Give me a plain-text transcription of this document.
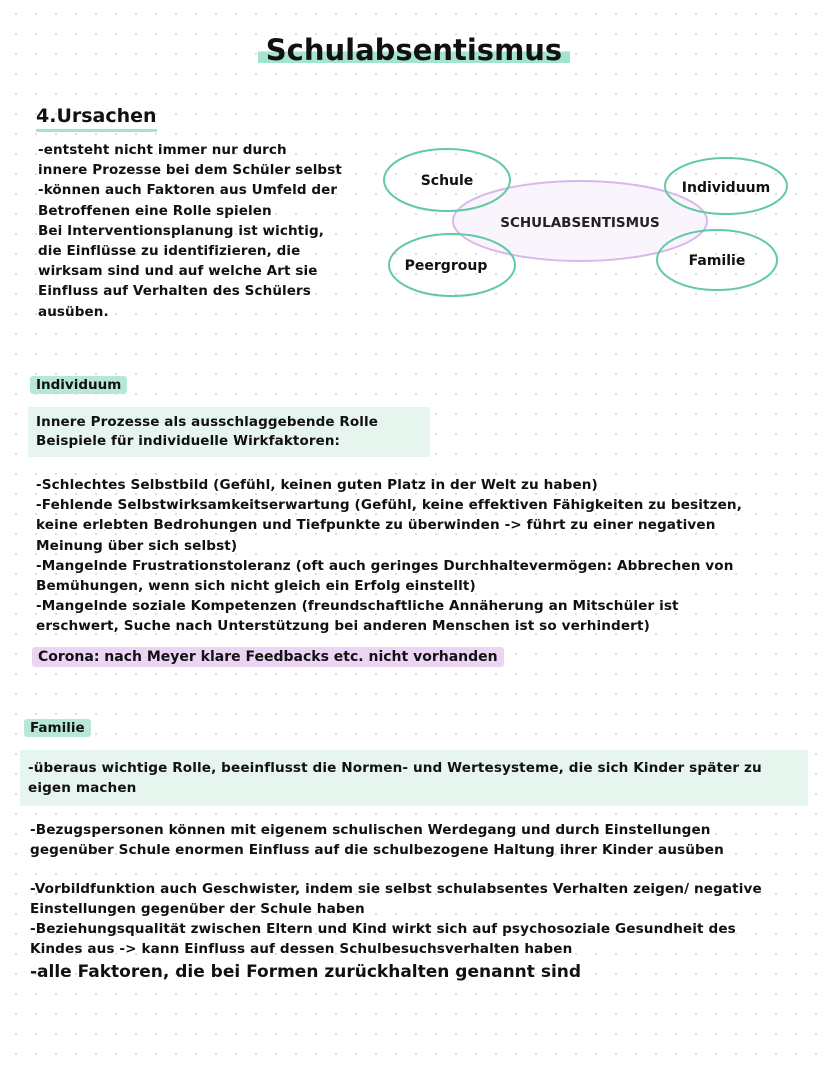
Schulabsentismus
4.Ursachen
-entsteht nicht immer nur durch
innere Prozesse bei dem Schüler selbst
-können auch Faktoren aus Umfeld der
Betroffenen eine Rolle spielen
Bei Interventionsplanung ist wichtig,
die Einflüsse zu identifizieren, die
wirksam sind und auf welche Art sie
Einfluss auf Verhalten des Schülers
ausüben.
SCHULABSENTISMUS
Schule	Individuum
Peergroup	Familie
Individuum
Innere Prozesse als ausschlaggebende Rolle
Beispiele für individuelle Wirkfaktoren:
-Schlechtes Selbstbild (Gefühl, keinen guten Platz in der Welt zu haben)
-Fehlende Selbstwirksamkeitserwartung (Gefühl, keine effektiven Fähigkeiten zu besitzen,
keine erlebten Bedrohungen und Tiefpunkte zu überwinden -> führt zu einer negativen
Meinung über sich selbst)
-Mangelnde Frustrationstoleranz (oft auch geringes Durchhaltevermögen: Abbrechen von
Bemühungen, wenn sich nicht gleich ein Erfolg einstellt)
-Mangelnde soziale Kompetenzen (freundschaftliche Annäherung an Mitschüler ist
erschwert, Suche nach Unterstützung bei anderen Menschen ist so verhindert)
Corona: nach Meyer klare Feedbacks etc. nicht vorhanden
Familie
-überaus wichtige Rolle, beeinflusst die Normen- und Wertesysteme, die sich Kinder später zu
eigen machen
-Bezugspersonen können mit eigenem schulischen Werdegang und durch Einstellungen
gegenüber Schule enormen Einfluss auf die schulbezogene Haltung ihrer Kinder ausüben
-Vorbildfunktion auch Geschwister, indem sie selbst schulabsentes Verhalten zeigen/ negative
Einstellungen gegenüber der Schule haben
-Beziehungsqualität zwischen Eltern und Kind wirkt sich auf psychosoziale Gesundheit des
Kindes aus -> kann Einfluss auf dessen Schulbesuchsverhalten haben
-alle Faktoren, die bei Formen zurückhalten genannt sind
